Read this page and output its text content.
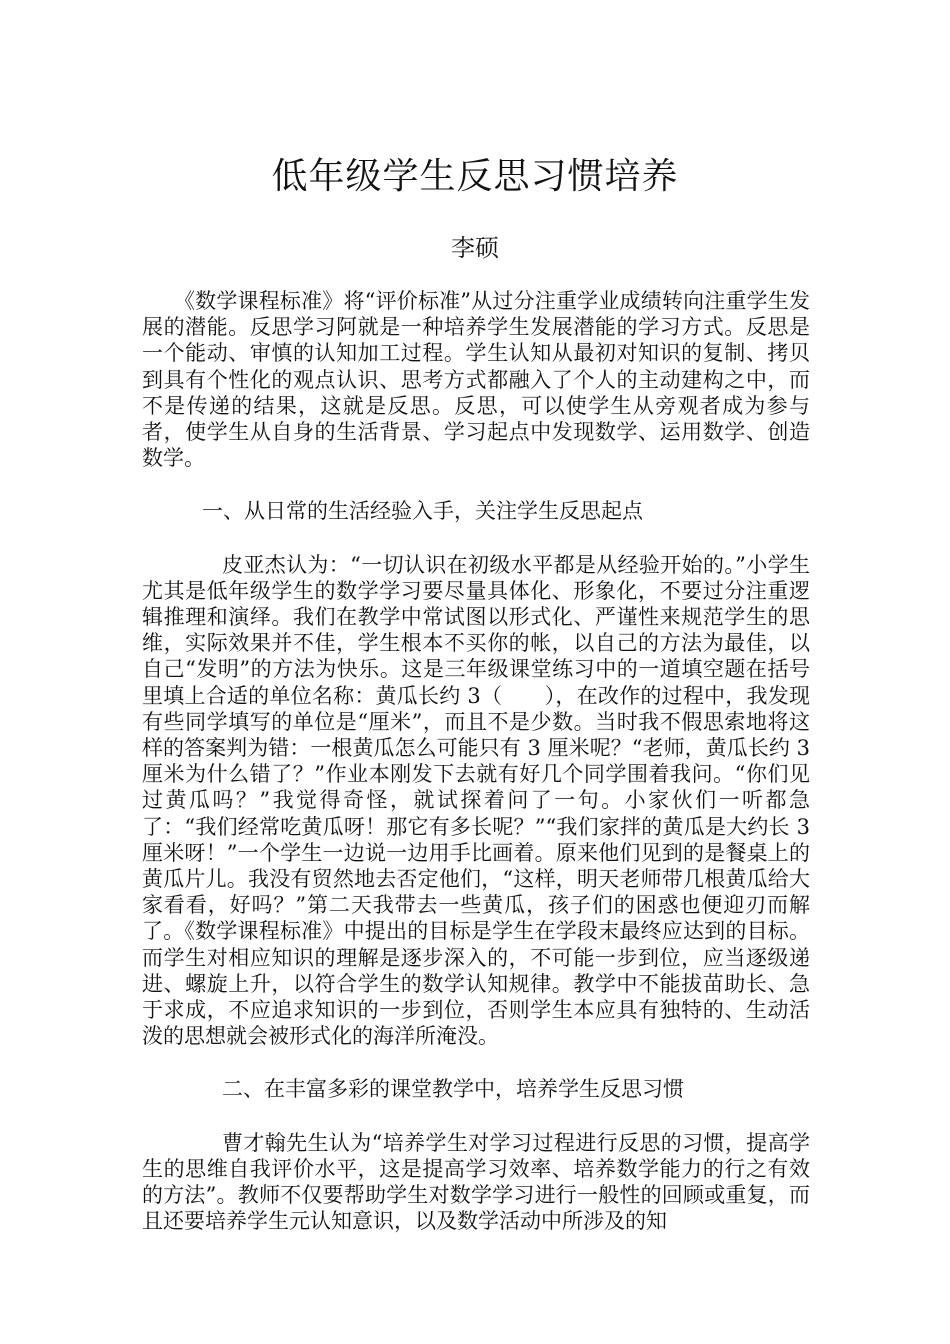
低年级学生反思习惯培养
李硕

《数学课程标准》将“评价标准”从过分注重学业成绩转向注重学生发展的潜能。反思学习阿就是一种培养学生发展潜能的学习方式。反思是一个能动、审慎的认知加工过程。学生认知从最初对知识的复制、拷贝到具有个性化的观点认识、思考方式都融入了个人的主动建构之中，而不是传递的结果，这就是反思。反思，可以使学生从旁观者成为参与者，使学生从自身的生活背景、学习起点中发现数学、运用数学、创造数学。

一、从日常的生活经验入手，关注学生反思起点

皮亚杰认为：“一切认识在初级水平都是从经验开始的。”小学生尤其是低年级学生的数学学习要尽量具体化、形象化，不要过分注重逻辑推理和演绎。我们在教学中常试图以形式化、严谨性来规范学生的思维，实际效果并不佳，学生根本不买你的帐，以自己的方法为最佳，以自己“发明”的方法为快乐。这是三年级课堂练习中的一道填空题在括号里填上合适的单位名称：黄瓜长约 3（　　），在改作的过程中，我发现有些同学填写的单位是“厘米”，而且不是少数。当时我不假思索地将这样的答案判为错：一根黄瓜怎么可能只有 3 厘米呢？“老师，黄瓜长约 3 厘米为什么错了？”作业本刚发下去就有好几个同学围着我问。“你们见过黄瓜吗？”我觉得奇怪，就试探着问了一句。小家伙们一听都急了：“我们经常吃黄瓜呀！那它有多长呢？”“我们家拌的黄瓜是大约长 3 厘米呀！”一个学生一边说一边用手比画着。原来他们见到的是餐桌上的黄瓜片儿。我没有贸然地去否定他们，“这样，明天老师带几根黄瓜给大家看看，好吗？”第二天我带去一些黄瓜，孩子们的困惑也便迎刃而解了。《数学课程标准》中提出的目标是学生在学段末最终应达到的目标。而学生对相应知识的理解是逐步深入的，不可能一步到位，应当逐级递进、螺旋上升，以符合学生的数学认知规律。教学中不能拔苗助长、急于求成，不应追求知识的一步到位，否则学生本应具有独特的、生动活泼的思想就会被形式化的海洋所淹没。

二、在丰富多彩的课堂教学中，培养学生反思习惯

曹才翰先生认为“培养学生对学习过程进行反思的习惯，提高学生的思维自我评价水平，这是提高学习效率、培养数学能力的行之有效的方法”。教师不仅要帮助学生对数学学习进行一般性的回顾或重复，而且还要培养学生元认知意识，以及数学活动中所涉及的知
